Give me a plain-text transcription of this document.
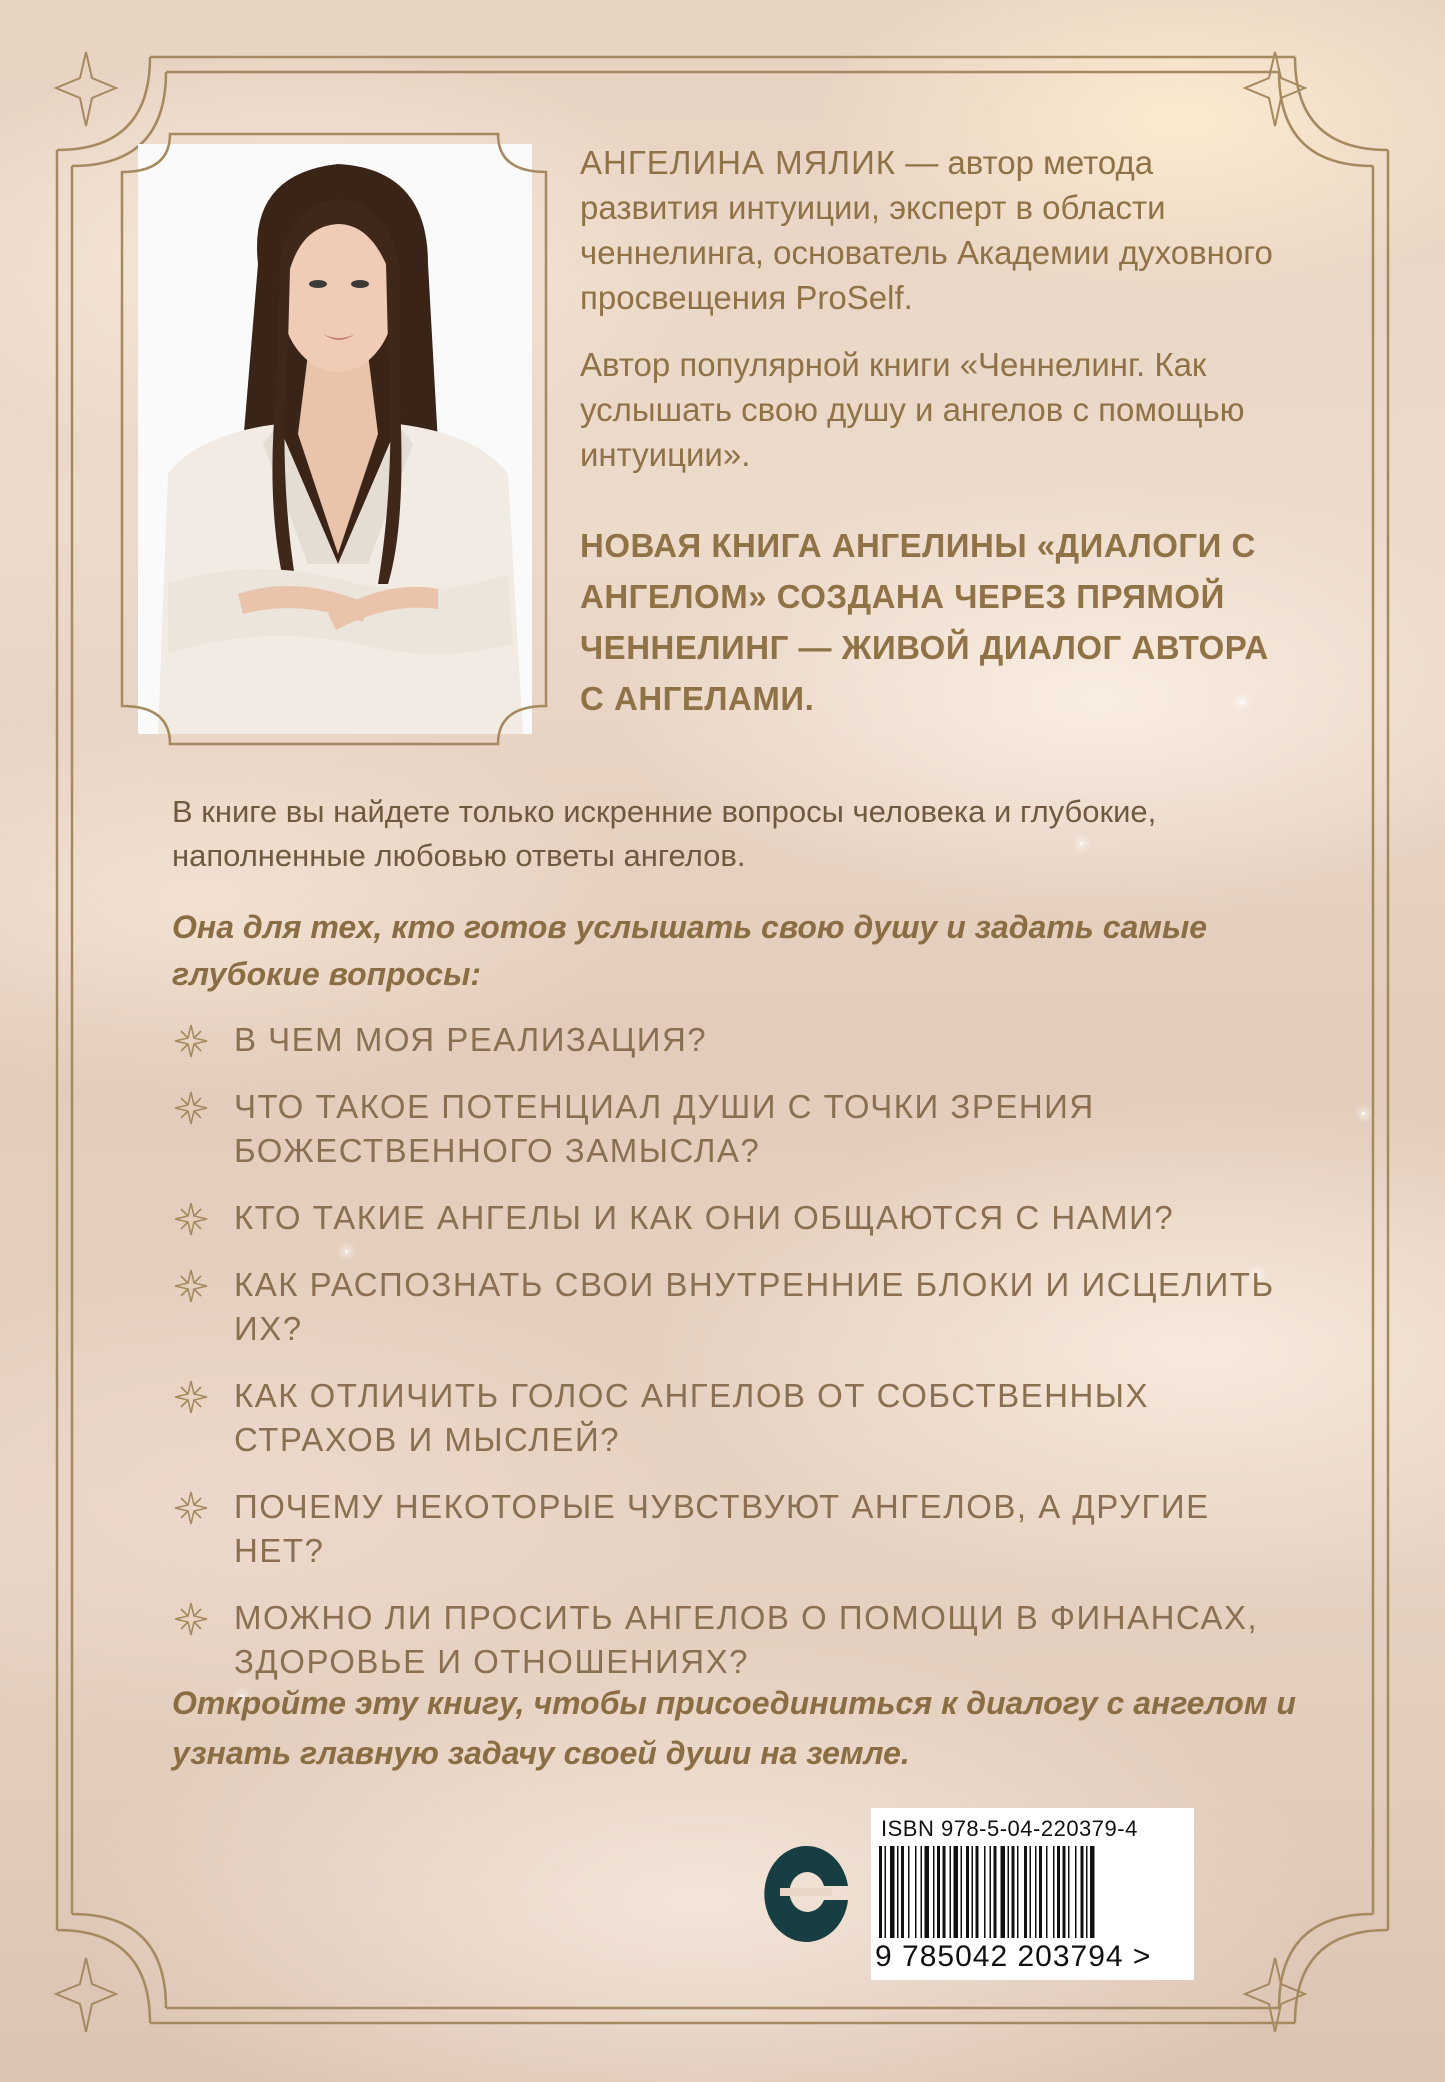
АНГЕЛИНА МЯЛИК — автор метода развития интуиции, эксперт в области ченнелинга, основатель Академии духовного просвещения ProSelf.

Автор популярной книги «Ченнелинг. Как услышать свою душу и ангелов с помощью интуиции».

НОВАЯ КНИГА АНГЕЛИНЫ «ДИАЛОГИ С АНГЕЛОМ» СОЗДАНА ЧЕРЕЗ ПРЯМОЙ ЧЕННЕЛИНГ — ЖИВОЙ ДИАЛОГ АВТОРА С АНГЕЛАМИ.
В книге вы найдете только искренние вопросы человека и глубокие, наполненные любовью ответы ангелов.
Она для тех, кто готов услышать свою душу и задать самые глубокие вопросы:
В ЧЕМ МОЯ РЕАЛИЗАЦИЯ?
ЧТО ТАКОЕ ПОТЕНЦИАЛ ДУШИ С ТОЧКИ ЗРЕНИЯ БОЖЕСТВЕННОГО ЗАМЫСЛА?
КТО ТАКИЕ АНГЕЛЫ И КАК ОНИ ОБЩАЮТСЯ С НАМИ?
КАК РАСПОЗНАТЬ СВОИ ВНУТРЕННИЕ БЛОКИ И ИСЦЕЛИТЬ ИХ?
КАК ОТЛИЧИТЬ ГОЛОС АНГЕЛОВ ОТ СОБСТВЕННЫХ СТРАХОВ И МЫСЛЕЙ?
ПОЧЕМУ НЕКОТОРЫЕ ЧУВСТВУЮТ АНГЕЛОВ, А ДРУГИЕ НЕТ?
МОЖНО ЛИ ПРОСИТЬ АНГЕЛОВ О ПОМОЩИ В ФИНАНСАХ, ЗДОРОВЬЕ И ОТНОШЕНИЯХ?
Откройте эту книгу, чтобы присоединиться к диалогу с ангелом и узнать главную задачу своей души на земле.
ISBN 978-5-04-220379-4
9 785042 203794 >
